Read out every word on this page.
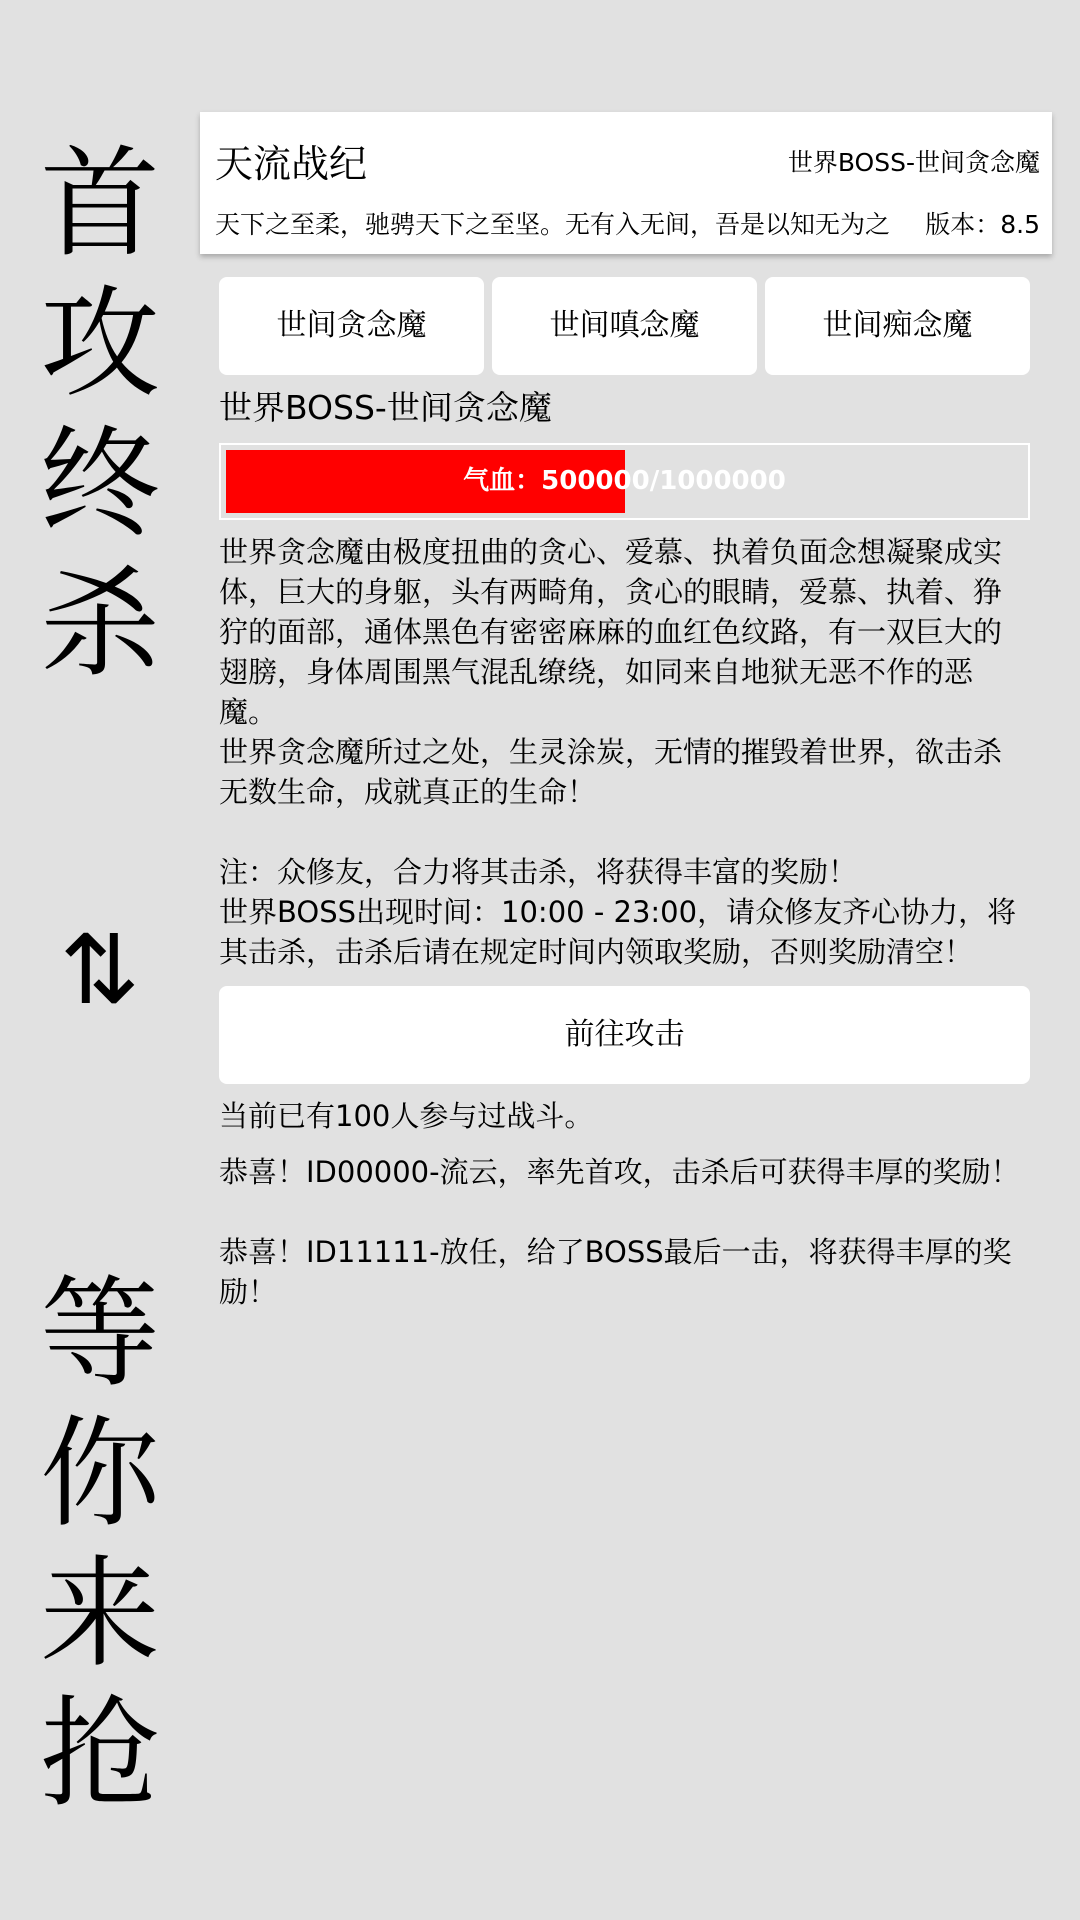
首
攻
终
杀
⇅
等
你
来
抢
天流战纪	世界BOSS-世间贪念魔
天下之至柔，驰骋天下之至坚。无有入无间，吾是以知无为之 版本：8.5
世间贪念魔	世间嗔念魔	世间痴念魔
世界BOSS-世间贪念魔
气血：500000/1000000

世界贪念魔由极度扭曲的贪心、爱慕、执着负面念想凝聚成实体，巨大的身躯，头有两畸角，贪心的眼睛，爱慕、执着、狰狞的面部，通体黑色有密密麻麻的血红色纹路，有一双巨大的翅膀，身体周围黑气混乱缭绕，如同来自地狱无恶不作的恶魔。

世界贪念魔所过之处，生灵涂炭，无情的摧毁着世界，欲击杀无数生命，成就真正的生命！

注：众修友，合力将其击杀，将获得丰富的奖励！

世界BOSS出现时间：10:00 - 23:00，请众修友齐心协力，将其击杀，击杀后请在规定时间内领取奖励，否则奖励清空！

前往攻击
当前已有100人参与过战斗。
恭喜！ID00000-流云，率先首攻，击杀后可获得丰厚的奖励！
恭喜！ID11111-放任，给了BOSS最后一击，将获得丰厚的奖励！
